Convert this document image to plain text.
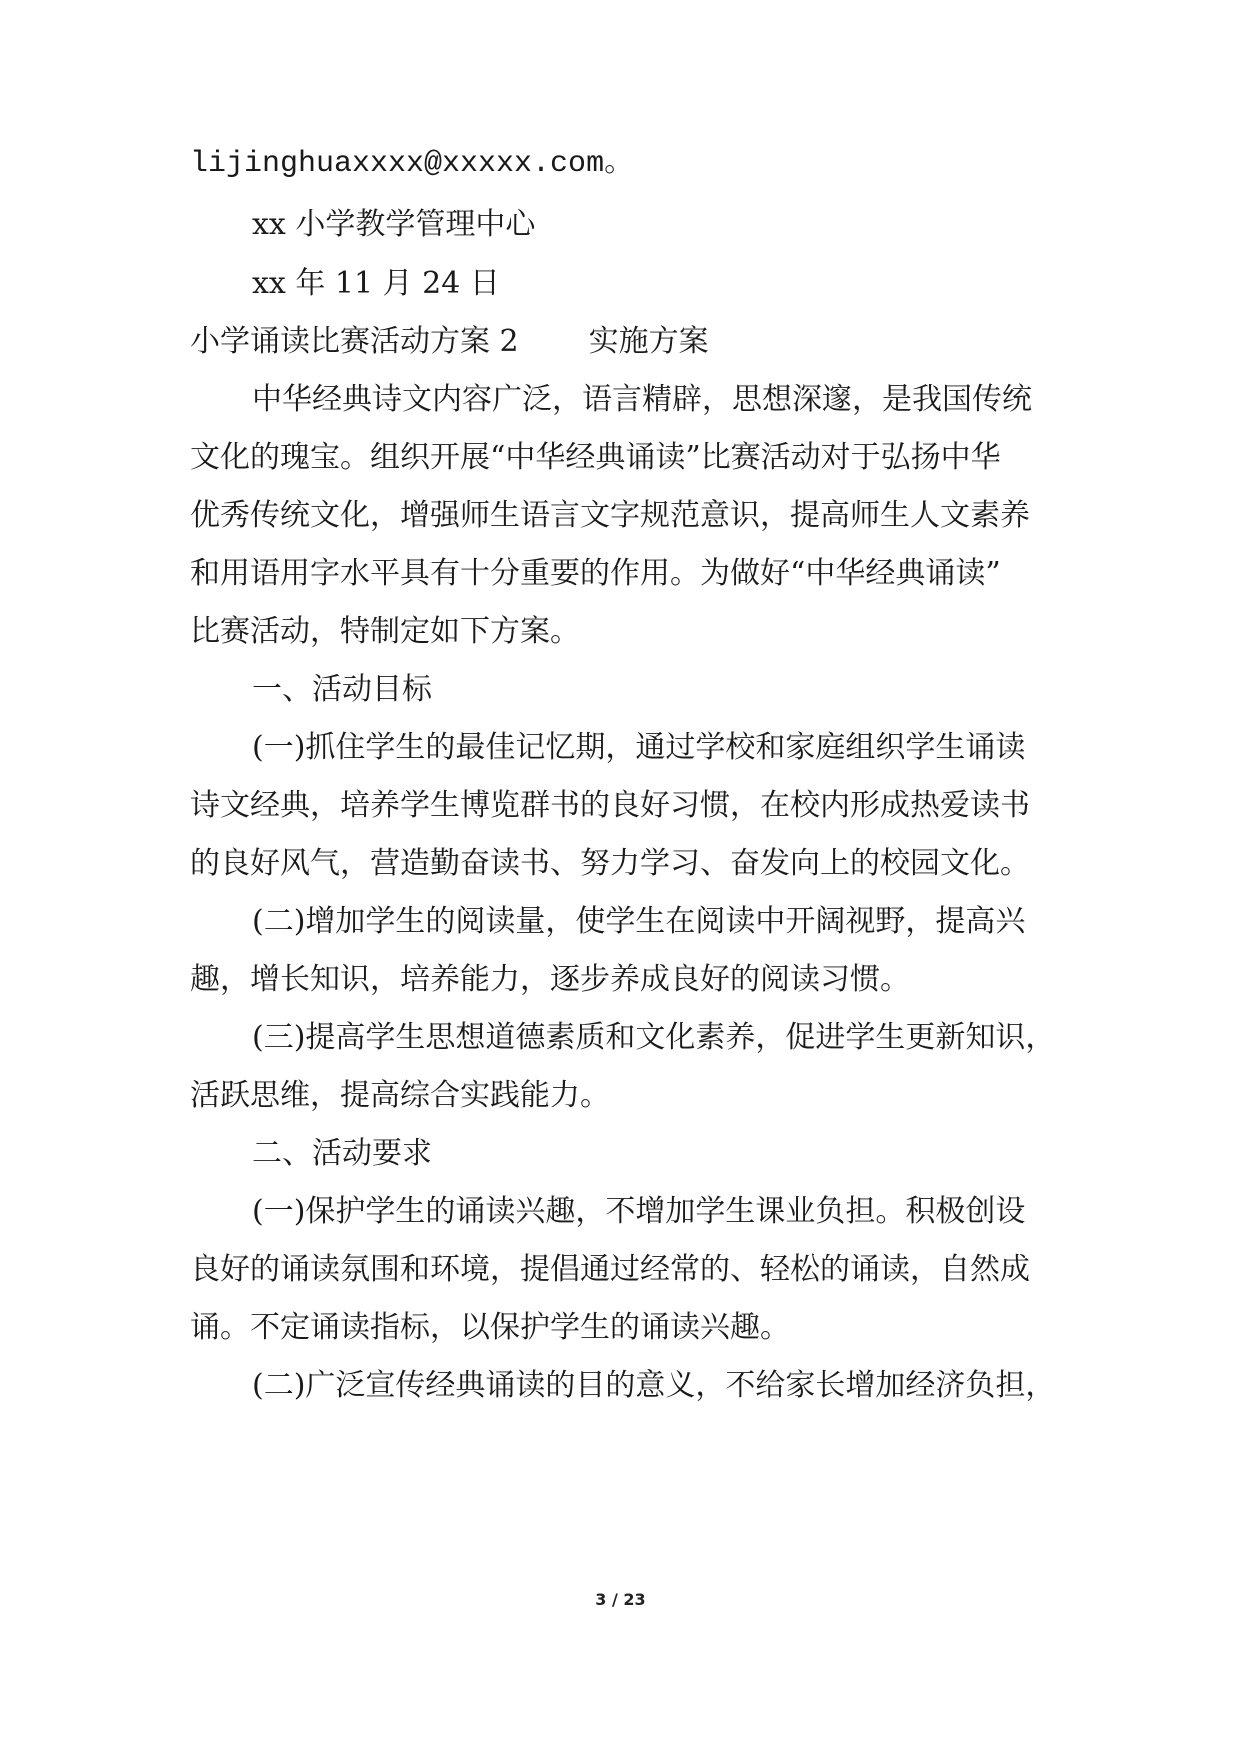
lijinghuaxxxx@xxxxx.com。
xx 小学教学管理中心
xx 年 11 月 24 日
小学诵读比赛活动方案 2 实施方案
中华经典诗文内容广泛，语言精辟，思想深邃，是我国传统
文化的瑰宝。组织开展“中华经典诵读”比赛活动对于弘扬中华
优秀传统文化，增强师生语言文字规范意识，提高师生人文素养
和用语用字水平具有十分重要的作用。为做好“中华经典诵读”
比赛活动，特制定如下方案。
一、活动目标
(一)抓住学生的最佳记忆期，通过学校和家庭组织学生诵读
诗文经典，培养学生博览群书的良好习惯，在校内形成热爱读书
的良好风气，营造勤奋读书、努力学习、奋发向上的校园文化。
(二)增加学生的阅读量，使学生在阅读中开阔视野，提高兴
趣，增长知识，培养能力，逐步养成良好的阅读习惯。
(三)提高学生思想道德素质和文化素养，促进学生更新知识，
活跃思维，提高综合实践能力。
二、活动要求
(一)保护学生的诵读兴趣，不增加学生课业负担。积极创设
良好的诵读氛围和环境，提倡通过经常的、轻松的诵读，自然成
诵。不定诵读指标，以保护学生的诵读兴趣。
(二)广泛宣传经典诵读的目的意义，不给家长增加经济负担，
3 / 23
